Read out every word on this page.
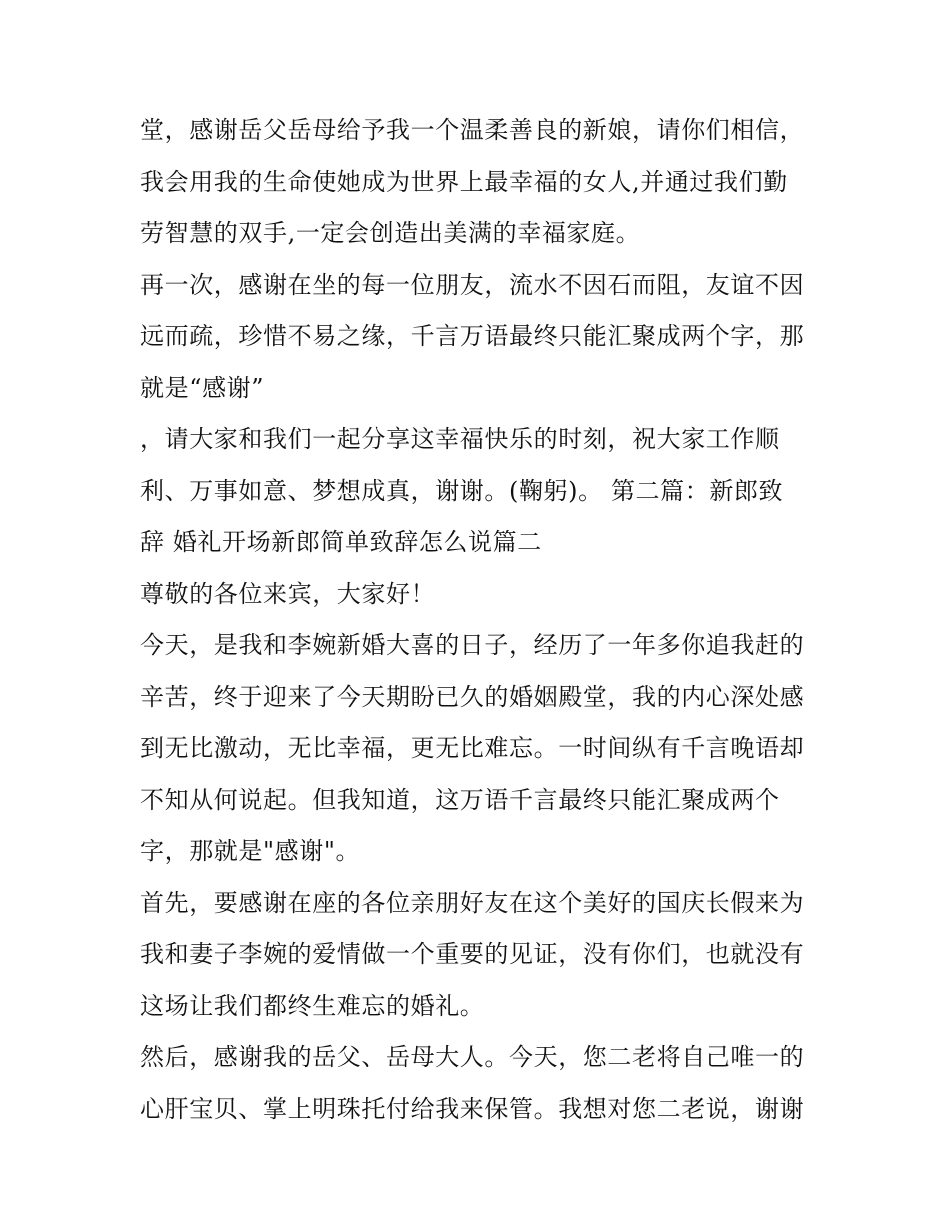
堂，感谢岳父岳母给予我一个温柔善良的新娘，请你们相信，
我会用我的生命使她成为世界上最幸福的女人,并通过我们勤
劳智慧的双手,一定会创造出美满的幸福家庭。
再一次，感谢在坐的每一位朋友，流水不因石而阻，友谊不因
远而疏，珍惜不易之缘，千言万语最终只能汇聚成两个字，那
就是“感谢”
，请大家和我们一起分享这幸福快乐的时刻，祝大家工作顺
利、万事如意、梦想成真，谢谢。(鞠躬)。 第二篇：新郎致
辞 婚礼开场新郎简单致辞怎么说篇二
尊敬的各位来宾，大家好！
今天，是我和李婉新婚大喜的日子，经历了一年多你追我赶的
辛苦，终于迎来了今天期盼已久的婚姻殿堂，我的内心深处感
到无比激动，无比幸福，更无比难忘。一时间纵有千言晚语却
不知从何说起。但我知道，这万语千言最终只能汇聚成两个
字，那就是"感谢"。
首先，要感谢在座的各位亲朋好友在这个美好的国庆长假来为
我和妻子李婉的爱情做一个重要的见证，没有你们，也就没有
这场让我们都终生难忘的婚礼。
然后，感谢我的岳父、岳母大人。今天，您二老将自己唯一的
心肝宝贝、掌上明珠托付给我来保管。我想对您二老说，谢谢
